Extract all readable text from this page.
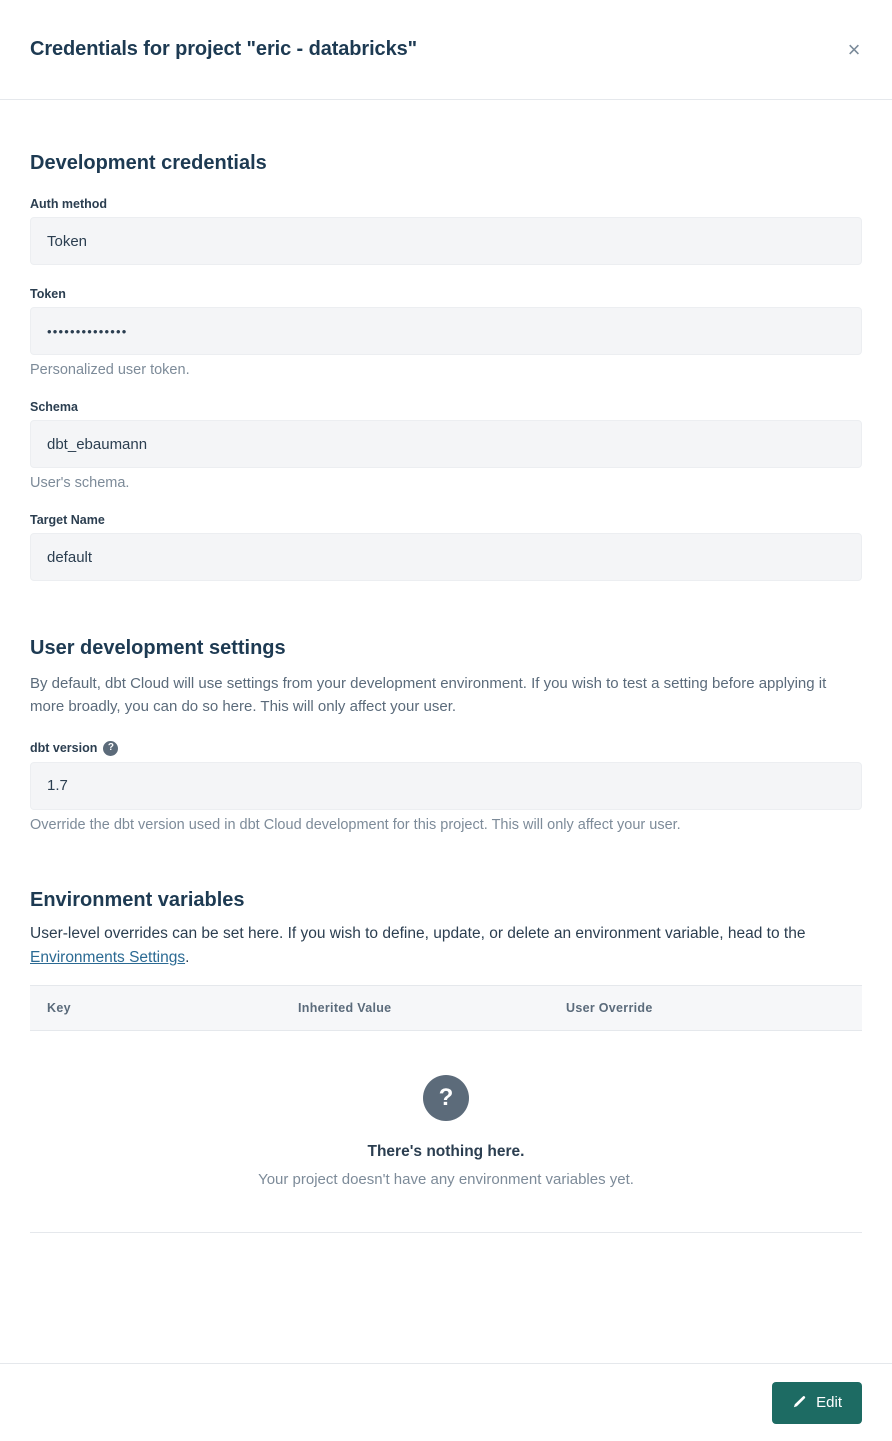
Credentials for project "eric - databricks"	×
Development credentials
Auth method
Token
Token
••••••••••••••
Personalized user token.
Schema
dbt_ebaumann
User's schema.
Target Name
default
User development settings
By default, dbt Cloud will use settings from your development environment. If you wish to test a setting before applying it more broadly, you can do so here. This will only affect your user.
dbt version	?
1.7
Override the dbt version used in dbt Cloud development for this project. This will only affect your user.
Environment variables
User-level overrides can be set here. If you wish to define, update, or delete an environment variable, head to the Environments Settings.
Key	Inherited Value	User Override
?
There's nothing here.
Your project doesn't have any environment variables yet.
Edit
